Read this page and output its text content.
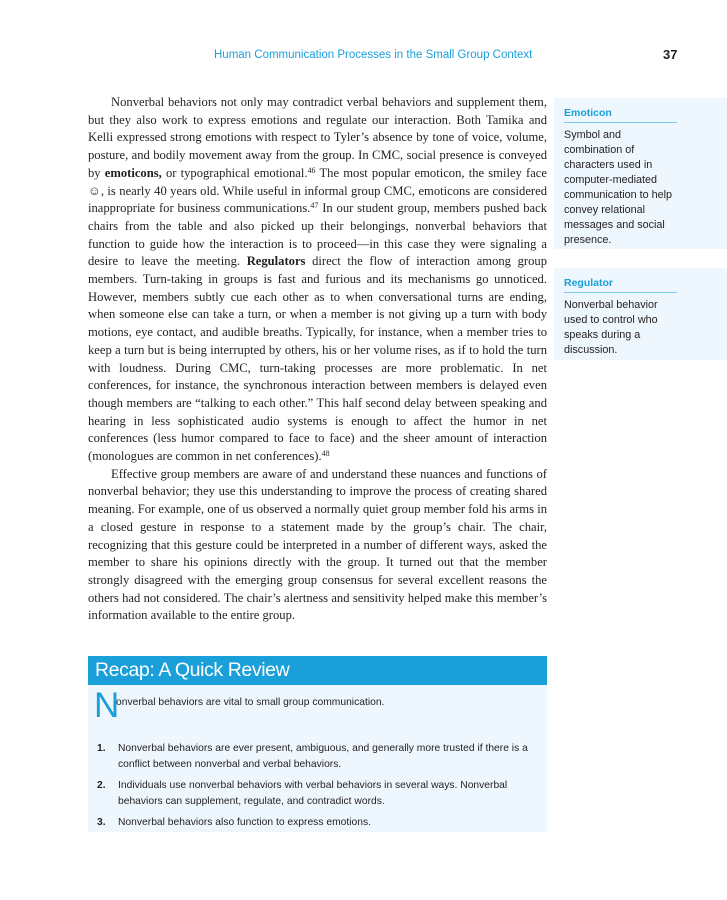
Human Communication Processes in the Small Group Context	37

Nonverbal behaviors not only may contradict verbal behaviors and supplement them, but they also work to express emotions and regulate our interaction. Both Tamika and Kelli expressed strong emotions with respect to Tyler’s absence by tone of voice, volume, posture, and bodily movement away from the group. In CMC, social presence is conveyed by emoticons, or typographical emotional.$^{46}$ The most popular emoticon, the smiley face ☺, is nearly 40 years old. While useful in informal group CMC, emoticons are considered inappropriate for business communications.$^{47}$ In our student group, members pushed back chairs from the table and also picked up their belongings, nonverbal behaviors that function to guide how the interaction is to proceed—in this case they were signaling a desire to leave the meeting. Regulators direct the flow of interaction among group members. Turn-taking in groups is fast and furious and its mechanisms go unnoticed. However, members subtly cue each other as to when conversational turns are ending, when someone else can take a turn, or when a member is not giving up a turn with body motions, eye contact, and audible breaths. Typically, for instance, when a member tries to keep a turn but is being interrupted by others, his or her volume rises, as if to hold the turn with loudness. During CMC, turn-taking processes are more problematic. In net conferences, for instance, the synchronous interaction between members is delayed even though members are “talking to each other.” This half second delay between speaking and hearing in less sophisticated audio systems is enough to affect the humor in net conferences (less humor compared to face to face) and the sheer amount of interaction (monologues are common in net conferences).$^{48}$

Effective group members are aware of and understand these nuances and functions of nonverbal behavior; they use this understanding to improve the process of creating shared meaning. For example, one of us observed a normally quiet group member fold his arms in a closed gesture in response to a statement made by the group’s chair. The chair, recognizing that this gesture could be interpreted in a number of different ways, asked the member to share his opinions directly with the group. It turned out that the member strongly disagreed with the emerging group consensus for several excellent reasons the others had not considered. The chair’s alertness and sensitivity helped make this member’s information available to the entire group.

Emoticon
Symbol and combination of characters used in computer-mediated communication to help convey relational messages and social presence.
Regulator
Nonverbal behavior used to control who speaks during a discussion.
Recap: A Quick Review
N
onverbal behaviors are vital to small group communication.
1. Nonverbal behaviors are ever present, ambiguous, and generally more trusted if there is a conflict between nonverbal and verbal behaviors.
2. Individuals use nonverbal behaviors with verbal behaviors in several ways. Nonverbal behaviors can supplement, regulate, and contradict words.
3. Nonverbal behaviors also function to express emotions.
